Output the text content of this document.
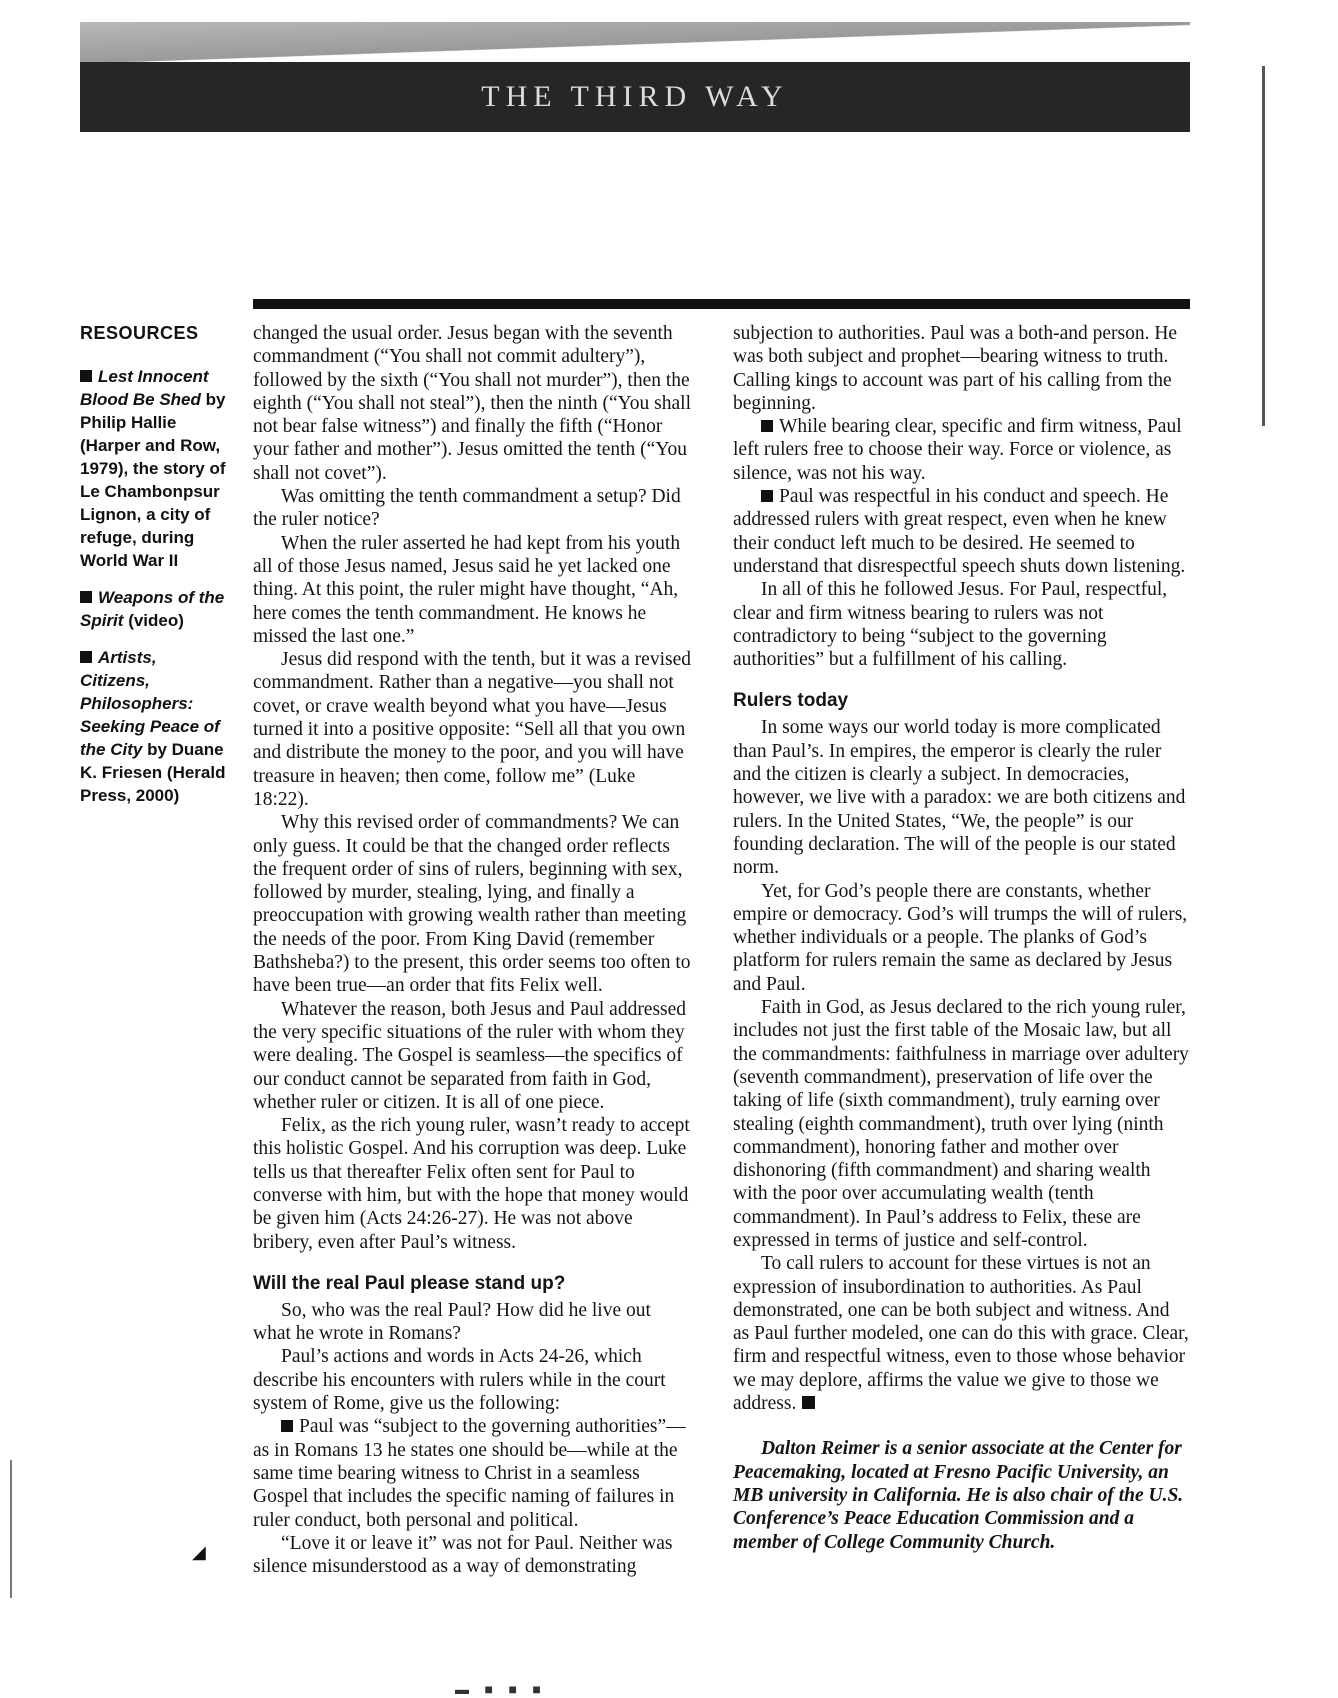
THE THIRD WAY
RESOURCES
Lest Innocent Blood Be Shed by Philip Hallie (Harper and Row, 1979), the story of Le Chambonpsur Lignon, a city of refuge, during World War II
Weapons of the Spirit (video)
Artists, Citizens, Philosophers: Seeking Peace of the City by Duane K. Friesen (Herald Press, 2000)

changed the usual order. Jesus began with the seventh commandment (“You shall not commit adultery”), followed by the sixth (“You shall not murder”), then the eighth (“You shall not steal”), then the ninth (“You shall not bear false witness”) and finally the fifth (“Honor your father and mother”). Jesus omitted the tenth (“You shall not covet”).

Was omitting the tenth commandment a setup? Did the ruler notice?

When the ruler asserted he had kept from his youth all of those Jesus named, Jesus said he yet lacked one thing. At this point, the ruler might have thought, “Ah, here comes the tenth commandment. He knows he missed the last one.”

Jesus did respond with the tenth, but it was a revised commandment. Rather than a negative—you shall not covet, or crave wealth beyond what you have—Jesus turned it into a positive opposite: “Sell all that you own and distribute the money to the poor, and you will have treasure in heaven; then come, follow me” (Luke 18:22).

Why this revised order of commandments? We can only guess. It could be that the changed order reflects the frequent order of sins of rulers, beginning with sex, followed by murder, stealing, lying, and finally a preoccupation with growing wealth rather than meeting the needs of the poor. From King David (remember Bathsheba?) to the present, this order seems too often to have been true—an order that fits Felix well.

Whatever the reason, both Jesus and Paul addressed the very specific situations of the ruler with whom they were dealing. The Gospel is seamless—the specifics of our conduct cannot be separated from faith in God, whether ruler or citizen. It is all of one piece.

Felix, as the rich young ruler, wasn’t ready to accept this holistic Gospel. And his corruption was deep. Luke tells us that thereafter Felix often sent for Paul to converse with him, but with the hope that money would be given him (Acts 24:26-27). He was not above bribery, even after Paul’s witness.

Will the real Paul please stand up?

So, who was the real Paul? How did he live out what he wrote in Romans?

Paul’s actions and words in Acts 24-26, which describe his encounters with rulers while in the court system of Rome, give us the following:

Paul was “subject to the governing authorities”—as in Romans 13 he states one should be—while at the same time bearing witness to Christ in a seamless Gospel that includes the specific naming of failures in ruler conduct, both personal and political.

“Love it or leave it” was not for Paul. Neither was silence misunderstood as a way of demonstrating

subjection to authorities. Paul was a both-and person. He was both subject and prophet—bearing witness to truth. Calling kings to account was part of his calling from the beginning.

While bearing clear, specific and firm witness, Paul left rulers free to choose their way. Force or violence, as silence, was not his way.

Paul was respectful in his conduct and speech. He addressed rulers with great respect, even when he knew their conduct left much to be desired. He seemed to understand that disrespectful speech shuts down listening.

In all of this he followed Jesus. For Paul, respectful, clear and firm witness bearing to rulers was not contradictory to being “subject to the governing authorities” but a fulfillment of his calling.

Rulers today

In some ways our world today is more complicated than Paul’s. In empires, the emperor is clearly the ruler and the citizen is clearly a subject. In democracies, however, we live with a paradox: we are both citizens and rulers. In the United States, “We, the people” is our founding declaration. The will of the people is our stated norm.

Yet, for God’s people there are constants, whether empire or democracy. God’s will trumps the will of rulers, whether individuals or a people. The planks of God’s platform for rulers remain the same as declared by Jesus and Paul.

Faith in God, as Jesus declared to the rich young ruler, includes not just the first table of the Mosaic law, but all the commandments: faithfulness in marriage over adultery (seventh commandment), preservation of life over the taking of life (sixth commandment), truly earning over stealing (eighth commandment), truth over lying (ninth commandment), honoring father and mother over dishonoring (fifth commandment) and sharing wealth with the poor over accumulating wealth (tenth commandment). In Paul’s address to Felix, these are expressed in terms of justice and self-control.

To call rulers to account for these virtues is not an expression of insubordination to authorities. As Paul demonstrated, one can be both subject and witness. And as Paul further modeled, one can do this with grace. Clear, firm and respectful witness, even to those whose behavior we may deplore, affirms the value we give to those we address.

Dalton Reimer is a senior associate at the Center for Peacemaking, located at Fresno Pacific University, an MB university in California. He is also chair of the U.S. Conference’s Peace Education Commission and a member of College Community Church.

◢
▬ ■ ■ ■
